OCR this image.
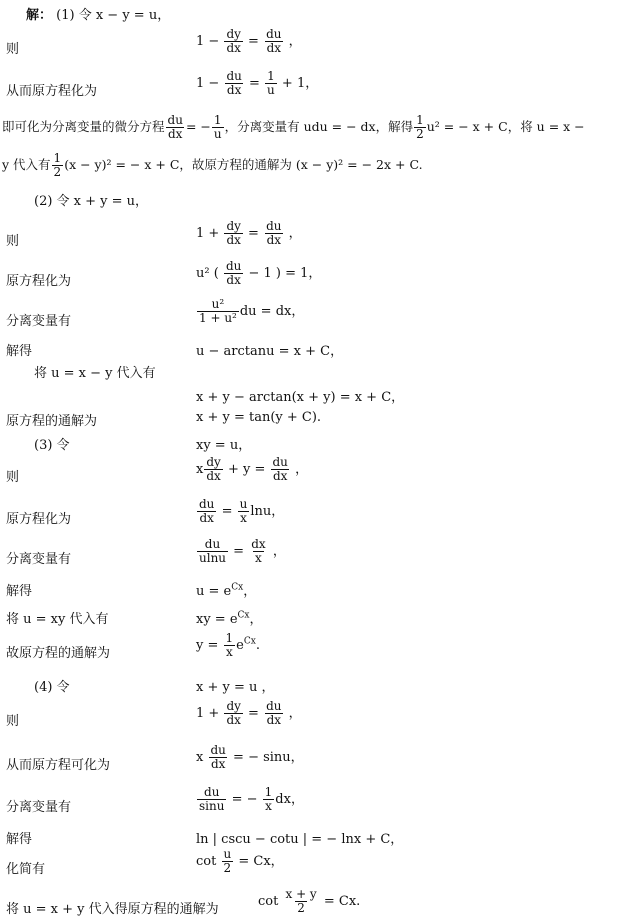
解： (1) 令 x − y = u，
则
$1 - \frac{dy}{dx} = \frac{du}{dx}$ ，
从而原方程化为
$1 - \frac{du}{dx} = \frac{1}{u} + 1$，
即可化为分离变量的微分方程 $\frac{du}{dx}$ = − $\frac{1}{u}$ ，分离变量有 udu = − dx，解得 $\frac{1}{2} u^2$ = − x + C，将 u = x −
y 代入有 $\frac{1}{2} (x - y)^2$ = − x + C，故原方程的通解为 (x − y)² = − 2x + C.
(2) 令 x + y = u，
则
$1 + \frac{dy}{dx} = \frac{du}{dx}$ ，
原方程化为
u² ( $\frac{du}{dx} - 1$ ) = 1，
分离变量有	$\frac{\text{u²}}{\text{1 + u²}}$ du = dx，
解得	u − arctanu = x + C，
将 u = x − y 代入有
x + y − arctan(x + y) = x + C，
原方程的通解为	x + y = tan(y + C).
(3) 令	xy = u，
则
x $\frac{dy}{dx} + y = \frac{du}{dx}$ ，
原方程化为	$\frac{du}{dx} = \frac{u}{x}$ lnu，
分离变量有	$\frac{du}{ulnu} = \frac{dx}{x}$ ，
解得	$u = e^{Cx}$，
将 u = xy 代入有	xy = $e^{Cx}$，
故原方程的通解为
$y = \frac{1}{x} e^{Cx}$.
(4) 令	x + y = u ，
则
$1 + \frac{dy}{dx} = \frac{du}{dx}$ ，
从而原方程可化为
x $\frac{du}{dx}$ = − sinu，
分离变量有	$\frac{du}{\sin u}$ = − $\frac{1}{x}$ dx，
解得	ln | cscu − cotu | = − lnx + C，
化简有
$\cot \frac{u}{2} = Cx$，
将 u = x + y 代入得原方程的通解为
$\cot \frac{x + y}{2} = Cx$.
